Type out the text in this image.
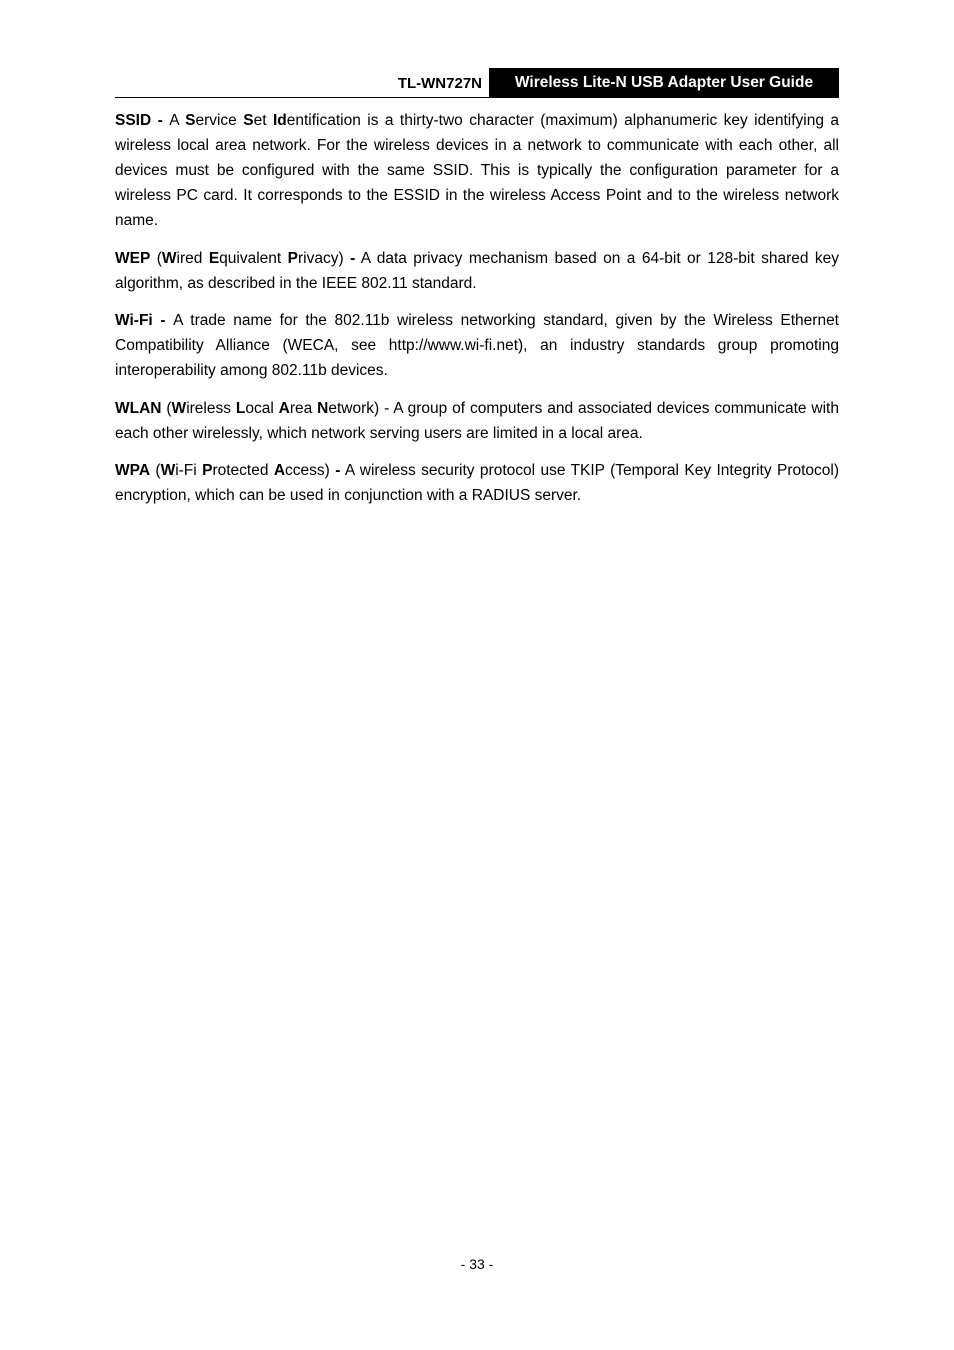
TL-WN727N	Wireless Lite-N USB Adapter User Guide

SSID - A Service Set Identification is a thirty-two character (maximum) alphanumeric key identifying a wireless local area network. For the wireless devices in a network to communicate with each other, all devices must be configured with the same SSID. This is typically the configuration parameter for a wireless PC card. It corresponds to the ESSID in the wireless Access Point and to the wireless network name.

WEP (Wired Equivalent Privacy) - A data privacy mechanism based on a 64-bit or 128-bit shared key algorithm, as described in the IEEE 802.11 standard.

Wi-Fi - A trade name for the 802.11b wireless networking standard, given by the Wireless Ethernet Compatibility Alliance (WECA, see http://www.wi-fi.net), an industry standards group promoting interoperability among 802.11b devices.

WLAN (Wireless Local Area Network) - A group of computers and associated devices communicate with each other wirelessly, which network serving users are limited in a local area.

WPA (Wi-Fi Protected Access) - A wireless security protocol use TKIP (Temporal Key Integrity Protocol) encryption, which can be used in conjunction with a RADIUS server.

- 33 -
